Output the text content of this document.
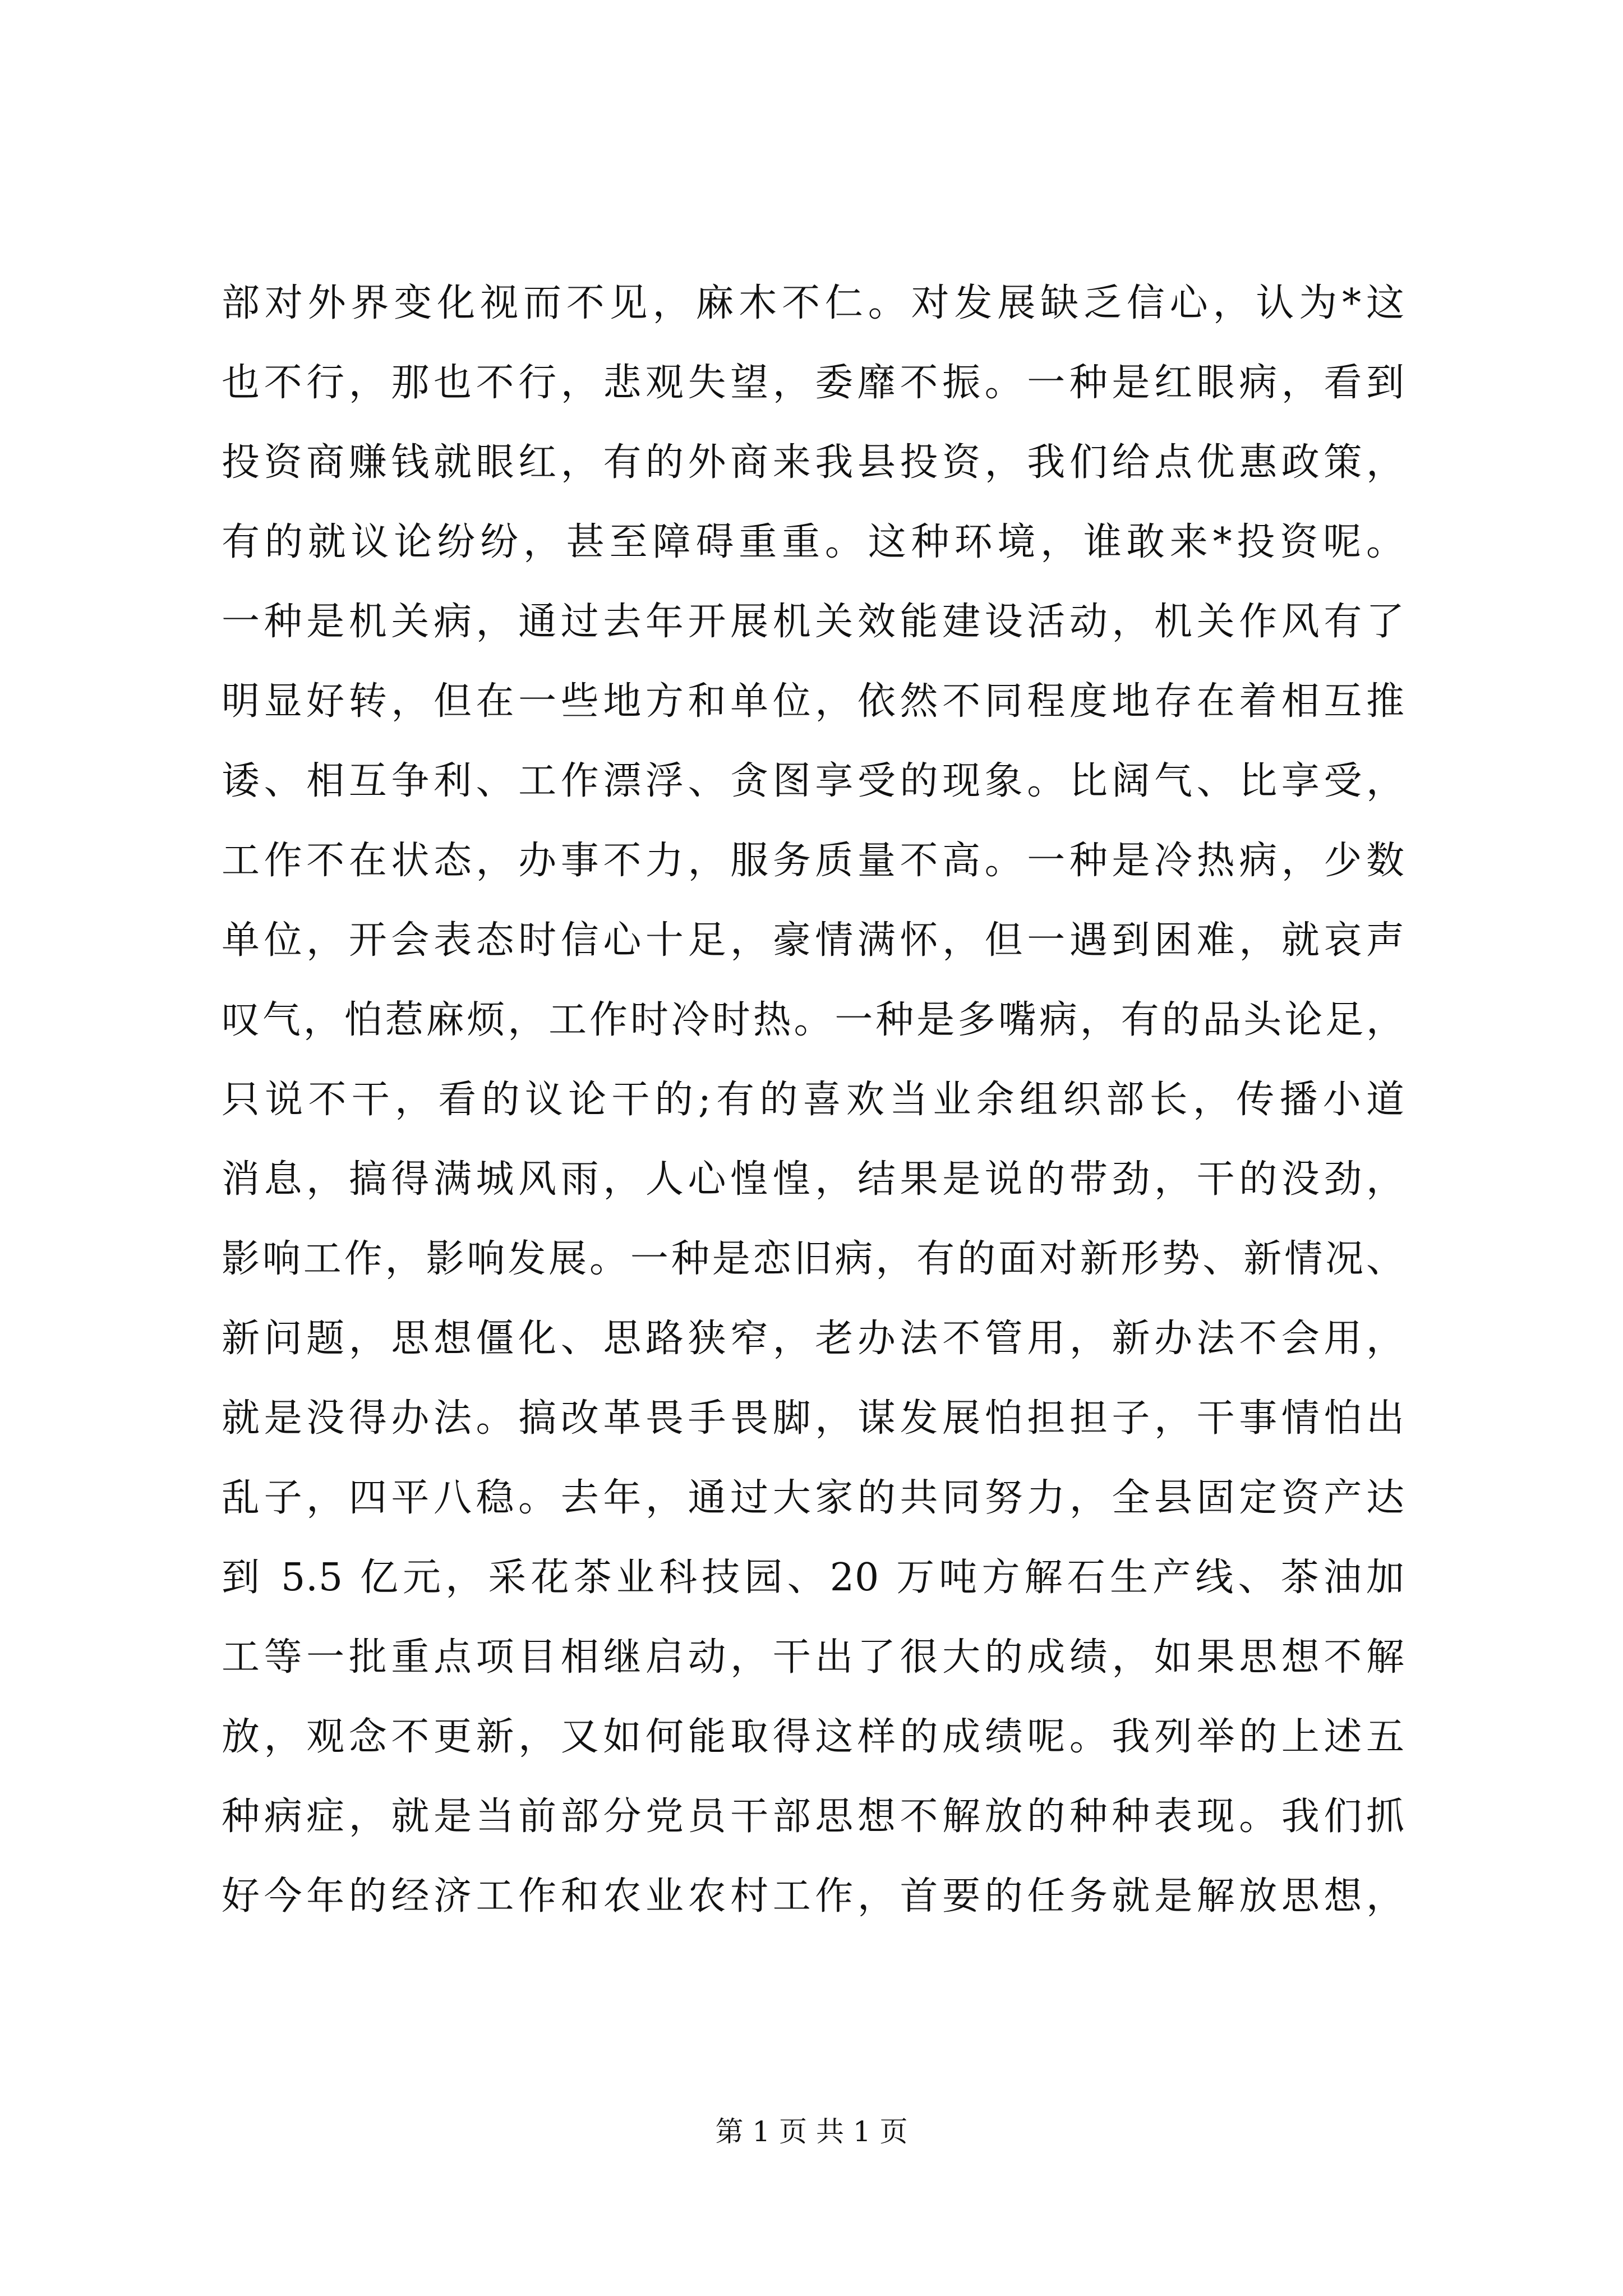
部对外界变化视而不见，麻木不仁。对发展缺乏信心，认为*这
也不行，那也不行，悲观失望，委靡不振。一种是红眼病，看到
投资商赚钱就眼红，有的外商来我县投资，我们给点优惠政策，
有的就议论纷纷，甚至障碍重重。这种环境，谁敢来*投资呢。
一种是机关病，通过去年开展机关效能建设活动，机关作风有了
明显好转，但在一些地方和单位，依然不同程度地存在着相互推
诿、相互争利、工作漂浮、贪图享受的现象。比阔气、比享受，
工作不在状态，办事不力，服务质量不高。一种是冷热病，少数
单位，开会表态时信心十足，豪情满怀，但一遇到困难，就哀声
叹气，怕惹麻烦，工作时冷时热。一种是多嘴病，有的品头论足，
只说不干，看的议论干的;有的喜欢当业余组织部长，传播小道
消息，搞得满城风雨，人心惶惶，结果是说的带劲，干的没劲，
影响工作，影响发展。一种是恋旧病，有的面对新形势、新情况、
新问题，思想僵化、思路狭窄，老办法不管用，新办法不会用，
就是没得办法。搞改革畏手畏脚，谋发展怕担担子，干事情怕出
乱子，四平八稳。去年，通过大家的共同努力，全县固定资产达
到 5.5 亿元，采花茶业科技园、20 万吨方解石生产线、茶油加
工等一批重点项目相继启动，干出了很大的成绩，如果思想不解
放，观念不更新，又如何能取得这样的成绩呢。我列举的上述五
种病症，就是当前部分党员干部思想不解放的种种表现。我们抓
好今年的经济工作和农业农村工作，首要的任务就是解放思想，
第 1 页 共 1 页
